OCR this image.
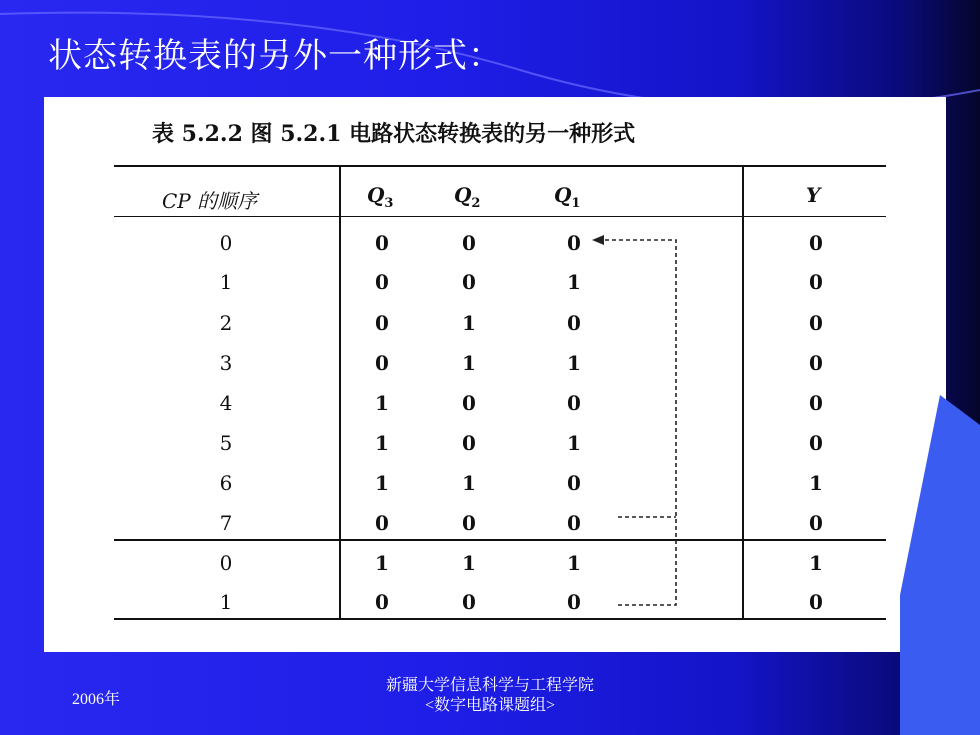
状态转换表的另外一种形式：
表 5.2.2 图 5.2.1 电路状态转换表的另一种形式
CP 的顺序	$Q_3$	$Q_2$	$Q_1$	Y
0	0	0	0	0
1	0	0	1	0
2	0	1	0	0
3	0	1	1	0
4	1	0	0	0
5	1	0	1	0
6	1	1	0	1
7	0	0	0	0
0	1	1	1	1
1	0	0	0	0
2006年
新疆大学信息科学与工程学院
<数字电路课题组>
